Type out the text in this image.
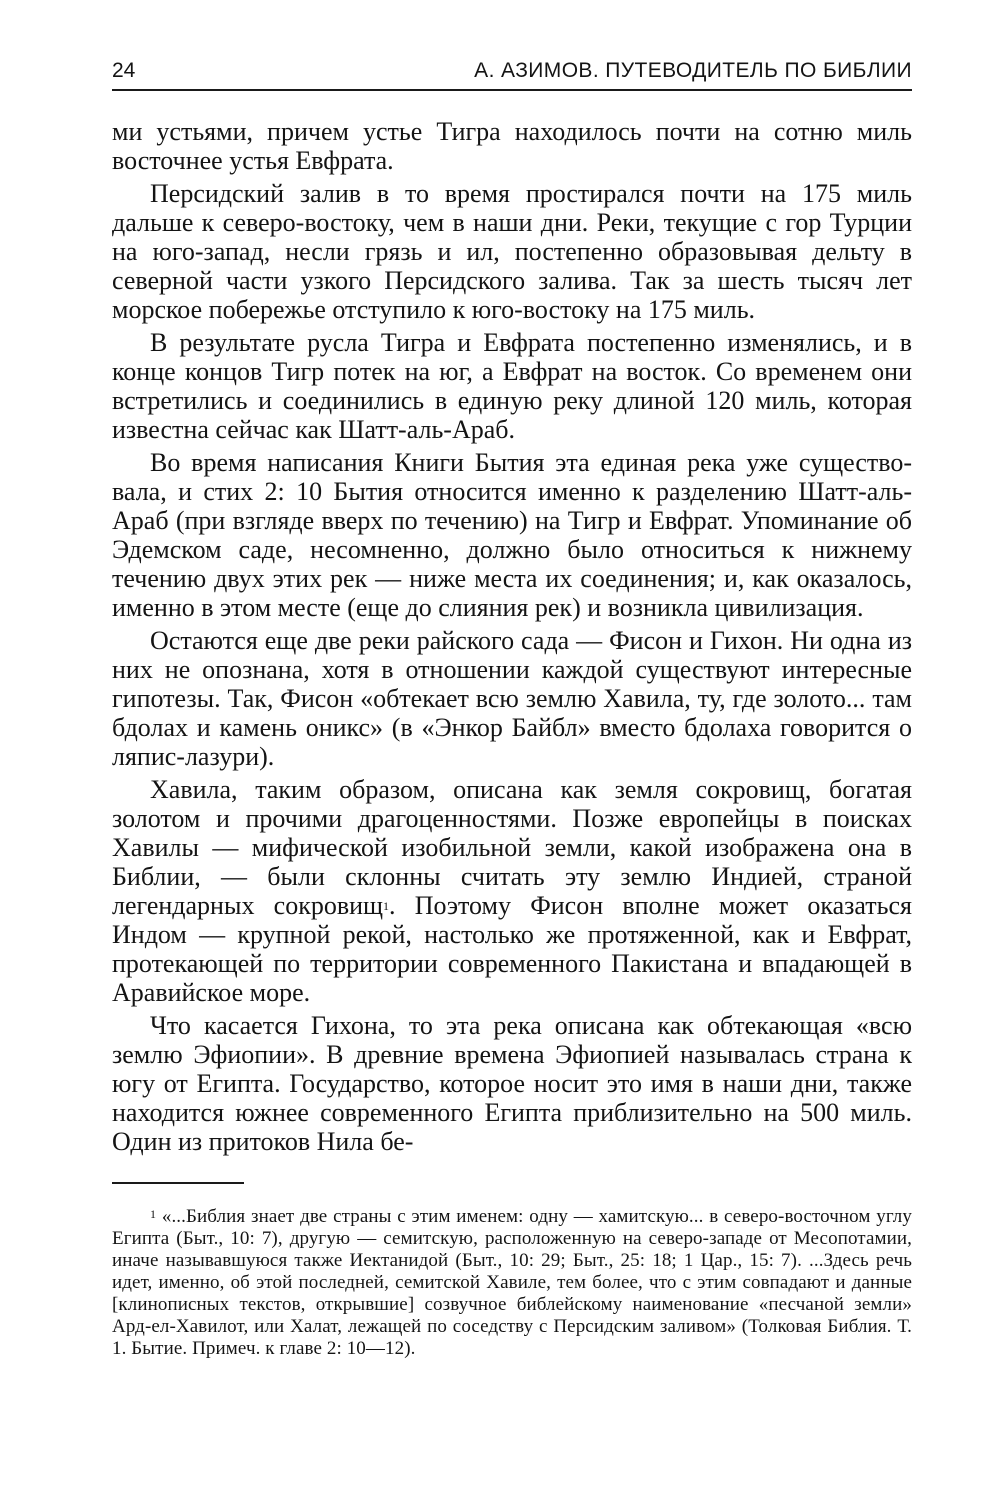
24	А. АЗИМОВ. ПУТЕВОДИТЕЛЬ ПО БИБЛИИ

ми устьями, причем устье Тигра находилось почти на сотню миль восточнее устья Евфрата.

Персидский залив в то время простирался почти на 175 миль дальше к северо-востоку, чем в наши дни. Реки, текущие с гор Турции на юго-запад, несли грязь и ил, постепенно образовывая дельту в северной части узкого Персидского залива. Так за шесть тысяч лет морское побережье отступило к юго-востоку на 175 миль.

В результате русла Тигра и Евфрата постепенно изменялись, и в конце концов Тигр потек на юг, а Евфрат на восток. Со временем они встретились и соединились в единую реку длиной 120 миль, которая известна сейчас как Шатт-аль-Араб.

Во время написания Книги Бытия эта единая река уже существовала, и стих 2: 10 Бытия относится именно к разделению Шатт-аль-Араб (при взгляде вверх по течению) на Тигр и Евфрат. Упоминание об Эдемском саде, несомненно, должно было относиться к нижнему течению двух этих рек — ниже места их соединения; и, как оказалось, именно в этом месте (еще до слияния рек) и возникла цивилизация.

Остаются еще две реки райского сада — Фисон и Гихон. Ни одна из них не опознана, хотя в отношении каждой существуют интересные гипотезы. Так, Фисон «обтекает всю землю Хавила, ту, где золото... там бдолах и камень оникс» (в «Энкор Байбл» вместо бдолаха говорится о ляпис-лазури).

Хавила, таким образом, описана как земля сокровищ, богатая золотом и прочими драгоценностями. Позже европейцы в поисках Хавилы — мифической изобильной земли, какой изображена она в Библии, — были склонны считать эту землю Индией, страной легендарных сокровищ$^1$. Поэтому Фисон вполне может оказаться Индом — крупной рекой, настолько же протяженной, как и Евфрат, протекающей по территории современного Пакистана и впадающей в Аравийское море.

Что касается Гихона, то эта река описана как обтекающая «всю землю Эфиопии». В древние времена Эфиопией называлась страна к югу от Египта. Государство, которое носит это имя в наши дни, также находится южнее современного Египта приблизительно на 500 миль. Один из притоков Нила бе-

$^1$ «...Библия знает две страны с этим именем: одну — хамитскую... в северо-восточном углу Египта (Быт., 10: 7), другую — семитскую, расположенную на северо-западе от Месопотамии, иначе называвшуюся также Иектанидой (Быт., 10: 29; Быт., 25: 18; 1 Цар., 15: 7). ...Здесь речь идет, именно, об этой последней, семитской Хавиле, тем более, что с этим совпадают и данные [клинописных текстов, открывшие] созвучное библейскому наименование «песчаной земли» Ард-ел-Хавилот, или Халат, лежащей по соседству с Персидским заливом» (Толковая Библия. Т. 1. Бытие. Примеч. к главе 2: 10—12).
